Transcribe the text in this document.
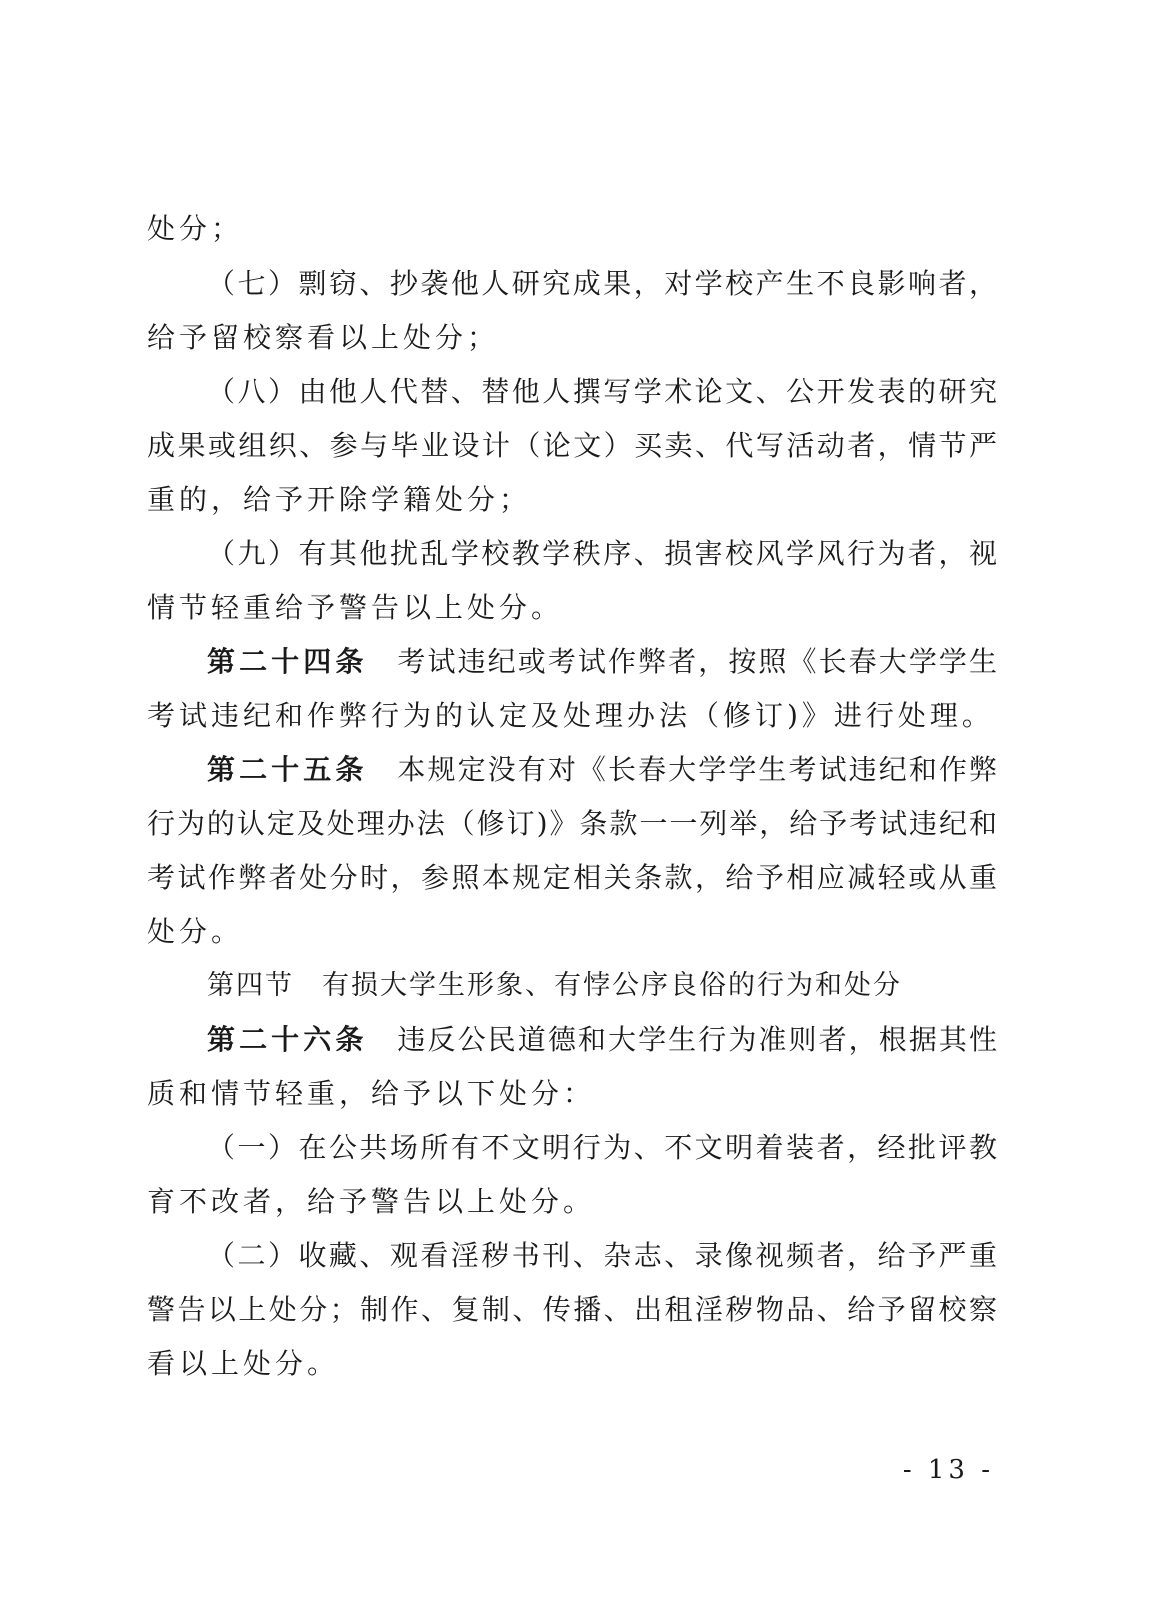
处分；
（七）剽窃、抄袭他人研究成果，对学校产生不良影响者，
给予留校察看以上处分；
（八）由他人代替、替他人撰写学术论文、公开发表的研究
成果或组织、参与毕业设计（论文）买卖、代写活动者，情节严
重的，给予开除学籍处分；
（九）有其他扰乱学校教学秩序、损害校风学风行为者，视
情节轻重给予警告以上处分。
第二十四条 考试违纪或考试作弊者，按照《长春大学学生
考试违纪和作弊行为的认定及处理办法（修订)》进行处理。
第二十五条 本规定没有对《长春大学学生考试违纪和作弊
行为的认定及处理办法（修订)》条款一一列举，给予考试违纪和
考试作弊者处分时，参照本规定相关条款，给予相应减轻或从重
处分。
第四节 有损大学生形象、有悖公序良俗的行为和处分
第二十六条 违反公民道德和大学生行为准则者，根据其性
质和情节轻重，给予以下处分：
（一）在公共场所有不文明行为、不文明着装者，经批评教
育不改者，给予警告以上处分。
（二）收藏、观看淫秽书刊、杂志、录像视频者，给予严重
警告以上处分；制作、复制、传播、出租淫秽物品、给予留校察
看以上处分。
- 13 -
